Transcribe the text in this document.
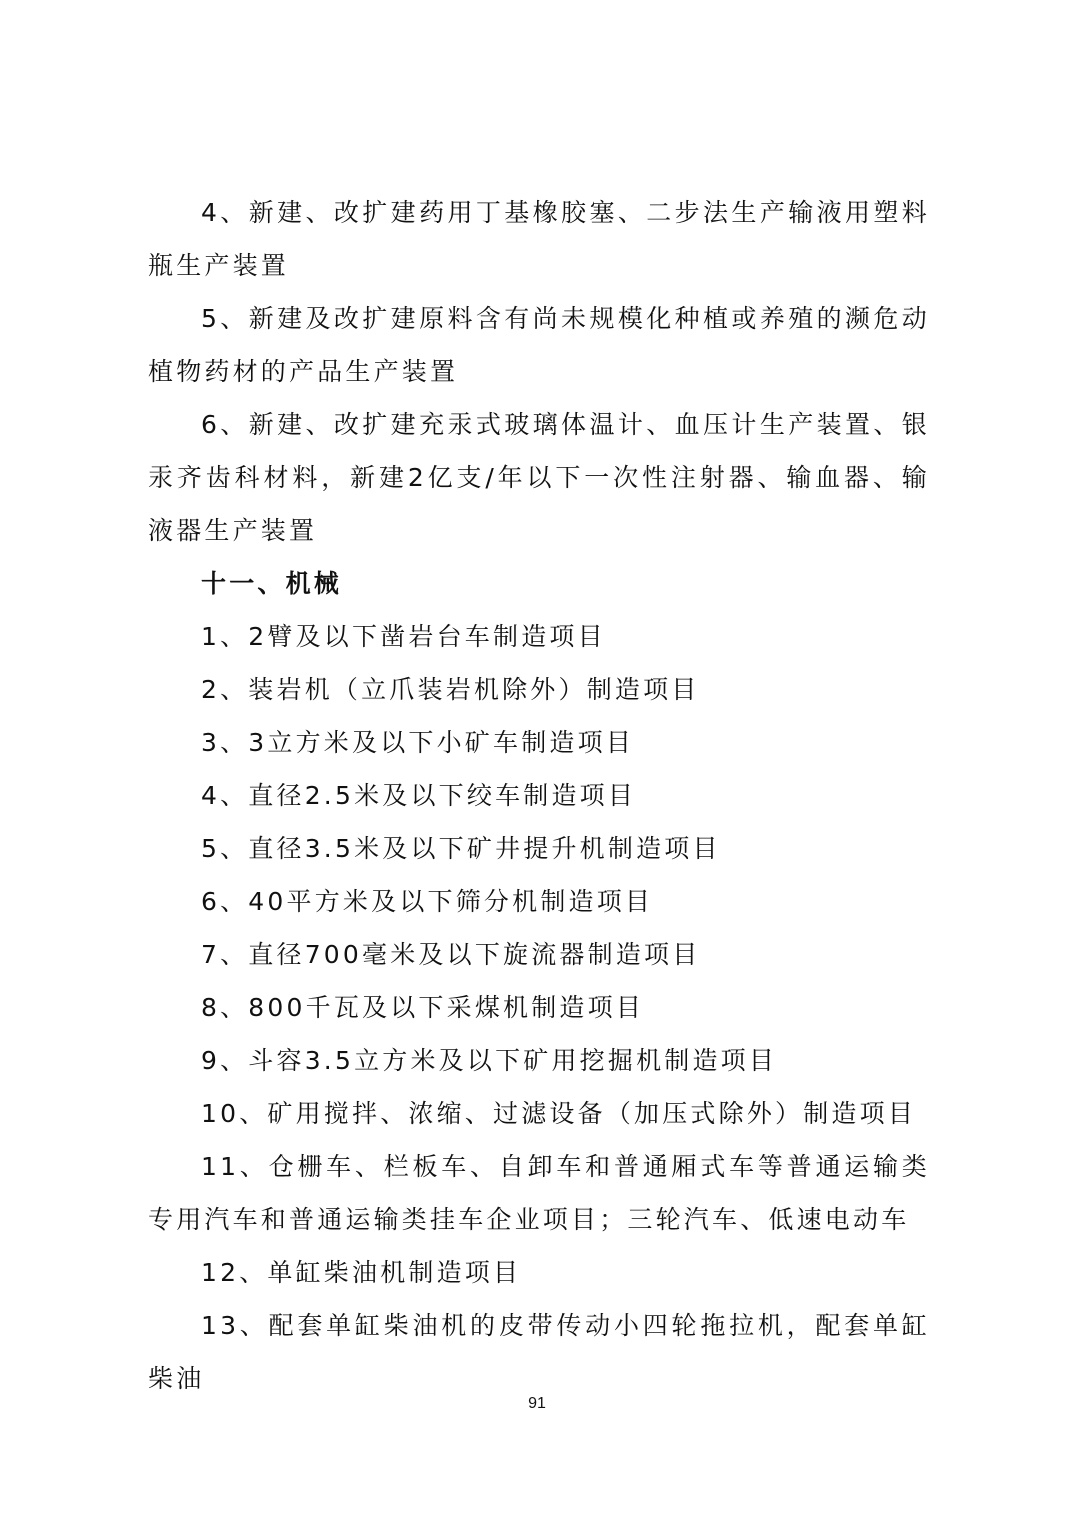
4、新建、改扩建药用丁基橡胶塞、二步法生产输液用塑料瓶生产装置

5、新建及改扩建原料含有尚未规模化种植或养殖的濒危动植物药材的产品生产装置

6、新建、改扩建充汞式玻璃体温计、血压计生产装置、银汞齐齿科材料，新建2亿支/年以下一次性注射器、输血器、输液器生产装置

十一、机械

1、2臂及以下凿岩台车制造项目

2、装岩机（立爪装岩机除外）制造项目

3、3立方米及以下小矿车制造项目

4、直径2.5米及以下绞车制造项目

5、直径3.5米及以下矿井提升机制造项目

6、40平方米及以下筛分机制造项目

7、直径700毫米及以下旋流器制造项目

8、800千瓦及以下采煤机制造项目

9、斗容3.5立方米及以下矿用挖掘机制造项目

10、矿用搅拌、浓缩、过滤设备（加压式除外）制造项目

11、仓栅车、栏板车、自卸车和普通厢式车等普通运输类专用汽车和普通运输类挂车企业项目；三轮汽车、低速电动车

12、单缸柴油机制造项目

13、配套单缸柴油机的皮带传动小四轮拖拉机，配套单缸柴油

91
